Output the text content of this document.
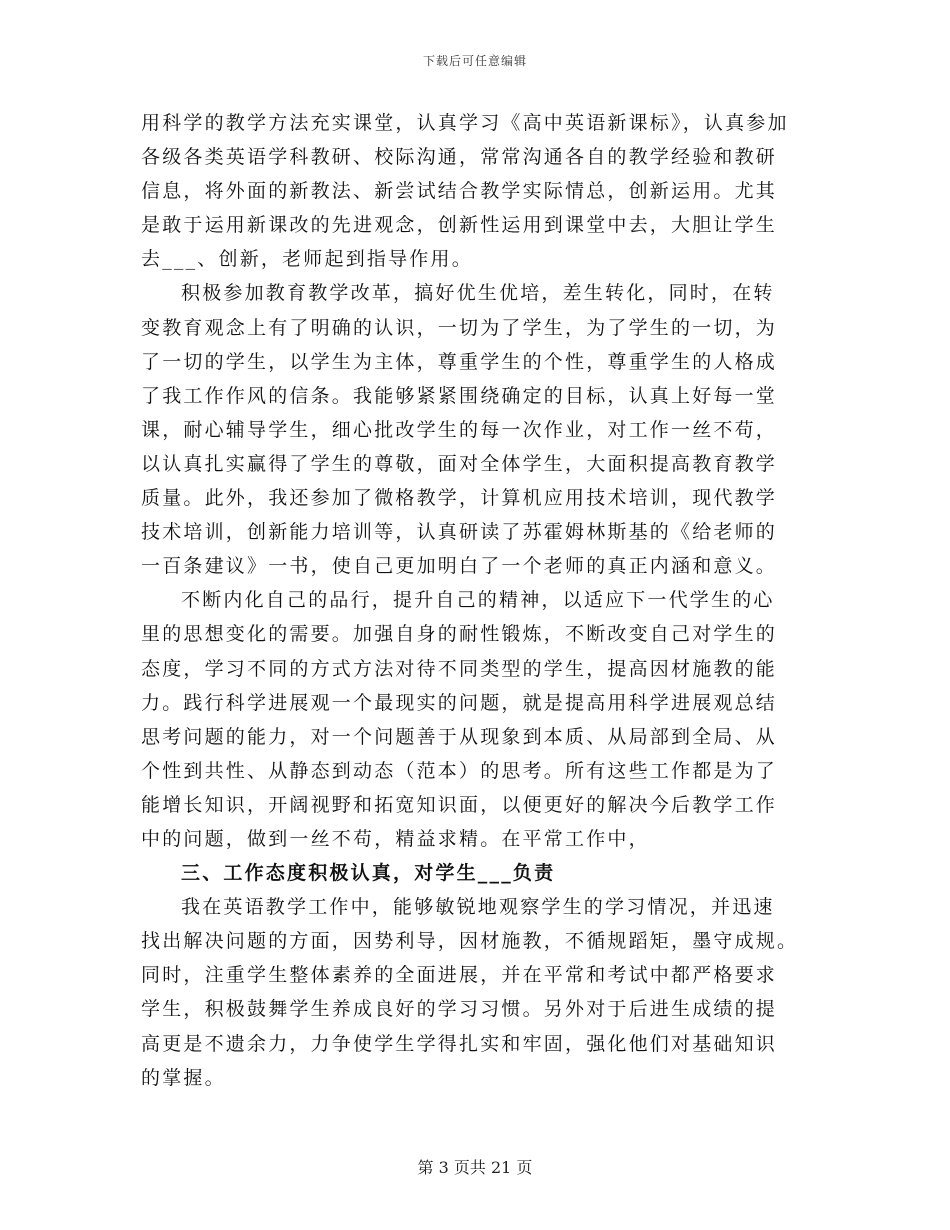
下载后可任意编辑
用科学的教学方法充实课堂，认真学习《高中英语新课标》，认真参加
各级各类英语学科教研、校际沟通，常常沟通各自的教学经验和教研
信息，将外面的新教法、新尝试结合教学实际情总，创新运用。尤其
是敢于运用新课改的先进观念，创新性运用到课堂中去，大胆让学生
去___、创新，老师起到指导作用。
积极参加教育教学改革，搞好优生优培，差生转化，同时，在转
变教育观念上有了明确的认识，一切为了学生，为了学生的一切，为
了一切的学生，以学生为主体，尊重学生的个性，尊重学生的人格成
了我工作作风的信条。我能够紧紧围绕确定的目标，认真上好每一堂
课，耐心辅导学生，细心批改学生的每一次作业，对工作一丝不苟，
以认真扎实赢得了学生的尊敬，面对全体学生，大面积提高教育教学
质量。此外，我还参加了微格教学，计算机应用技术培训，现代教学
技术培训，创新能力培训等，认真研读了苏霍姆林斯基的《给老师的
一百条建议》一书，使自己更加明白了一个老师的真正内涵和意义。
不断内化自己的品行，提升自己的精神，以适应下一代学生的心
里的思想变化的需要。加强自身的耐性锻炼，不断改变自己对学生的
态度，学习不同的方式方法对待不同类型的学生，提高因材施教的能
力。践行科学进展观一个最现实的问题，就是提高用科学进展观总结
思考问题的能力，对一个问题善于从现象到本质、从局部到全局、从
个性到共性、从静态到动态（范本）的思考。所有这些工作都是为了
能增长知识，开阔视野和拓宽知识面，以便更好的解决今后教学工作
中的问题，做到一丝不苟，精益求精。在平常工作中，
三、工作态度积极认真，对学生___负责
我在英语教学工作中，能够敏锐地观察学生的学习情况，并迅速
找出解决问题的方面，因势利导，因材施教，不循规蹈矩，墨守成规。
同时，注重学生整体素养的全面进展，并在平常和考试中都严格要求
学生，积极鼓舞学生养成良好的学习习惯。另外对于后进生成绩的提
高更是不遗余力，力争使学生学得扎实和牢固，强化他们对基础知识
的掌握。
第 3 页共 21 页
